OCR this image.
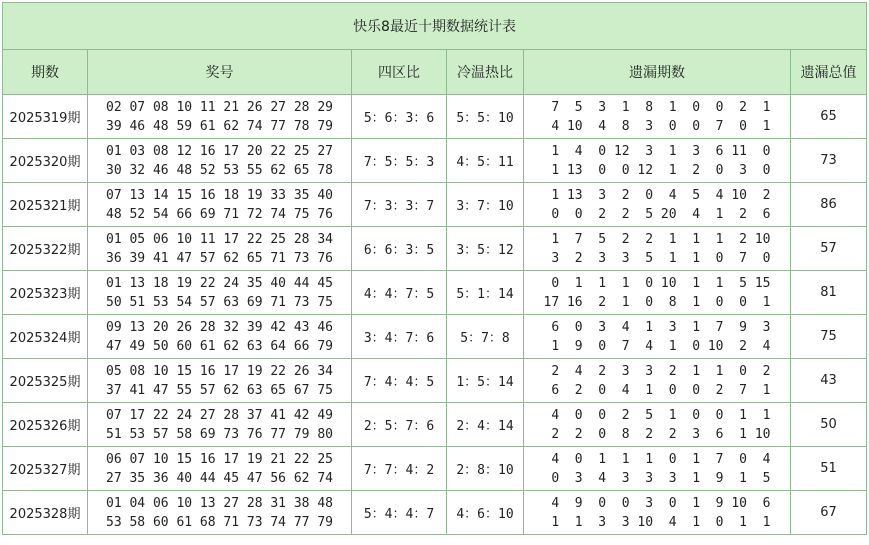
快乐8最近十期数据统计表					
期数	奖号	四区比	冷温热比	遗漏期数	遗漏总值
2025319期	02 07 08 10 11 21 26 27 28 29
39 46 48 59 61 62 74 77 78 79	5：6：3：6	5：5：10	7  5  3  1  8  1  0  0  2  1
4 10  4  8  3  0  0  7  0  1	65
2025320期	01 03 08 12 16 17 20 22 25 27
30 32 46 48 52 53 55 62 65 78	7：5：5：3	4：5：11	1  4  0 12  3  1  3  6 11  0
1 13  0  0 12  1  2  0  3  0	73
2025321期	07 13 14 15 16 18 19 33 35 40
48 52 54 66 69 71 72 74 75 76	7：3：3：7	3：7：10	1 13  3  2  0  4  5  4 10  2
0  0  2  2  5 20  4  1  2  6	86
2025322期	01 05 06 10 11 17 22 25 28 34
36 39 41 47 57 62 65 71 73 76	6：6：3：5	3：5：12	1  7  5  2  2  1  1  1  2 10
3  2  3  3  5  1  1  0  7  0	57
2025323期	01 13 18 19 22 24 35 40 44 45
50 51 53 54 57 63 69 71 73 75	4：4：7：5	5：1：14	0  1  1  1  0 10  1  1  5 15
17 16  2  1  0  8  1  0  0  1	81
2025324期	09 13 20 26 28 32 39 42 43 46
47 49 50 60 61 62 63 64 66 79	3：4：7：6	5：7：8	6  0  3  4  1  3  1  7  9  3
1  9  0  7  4  1  0 10  2  4	75
2025325期	05 08 10 15 16 17 19 22 26 34
37 41 47 55 57 62 63 65 67 75	7：4：4：5	1：5：14	2  4  2  3  3  2  1  1  0  2
6  2  0  4  1  0  0  2  7  1	43
2025326期	07 17 22 24 27 28 37 41 42 49
51 53 57 58 69 73 76 77 79 80	2：5：7：6	2：4：14	4  0  0  2  5  1  0  0  1  1
2  2  0  8  2  2  3  6  1 10	50
2025327期	06 07 10 15 16 17 19 21 22 25
27 35 36 40 44 45 47 56 62 74	7：7：4：2	2：8：10	4  0  1  1  1  0  1  7  0  4
0  3  4  3  3  3  1  9  1  5	51
2025328期	01 04 06 10 13 27 28 31 38 48
53 58 60 61 68 71 73 74 77 79	5：4：4：7	4：6：10	4  9  0  0  3  0  1  9 10  6
1  1  3  3 10  4  1  0  1  1	67
